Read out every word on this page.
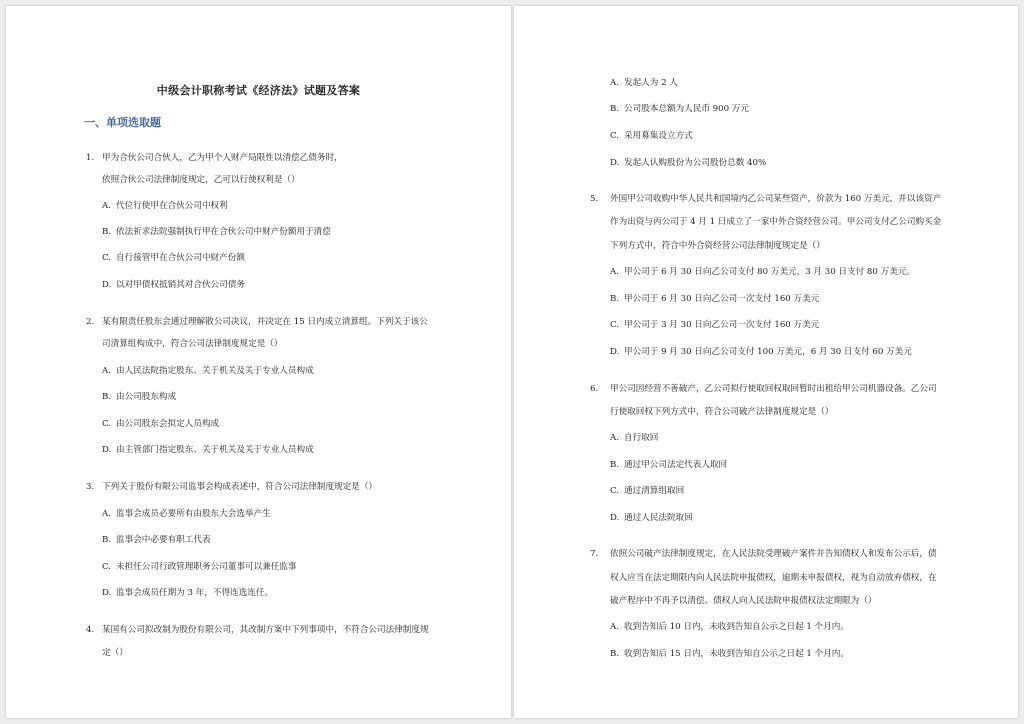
中级会计职称考试《经济法》试题及答案
一、单项选取题
1. 甲为合伙公司合伙人，乙为甲个人财产局限性以清偿乙债务时，
依照合伙公司法律制度规定，乙可以行使权利是（）
A. 代位行使甲在合伙公司中权利
B. 依法祈求法院强制执行甲在合伙公司中财产份额用于清偿
C. 自行接管甲在合伙公司中财产份额
D. 以对甲债权抵销其对合伙公司债务
2. 某有限责任股东会通过理解散公司决议，并决定在 15 日内成立清算组。下列关于该公
司清算组构成中，符合公司法律制度规定是（）
A. 由人民法院指定股东、关于机关及关于专业人员构成
B. 由公司股东构成
C. 由公司股东会拟定人员构成
D. 由主管部门指定股东、关于机关及关于专业人员构成
3. 下列关于股份有限公司监事会构成表述中，符合公司法律制度规定是（）
A. 监事会成员必要所有由股东大会选举产生
B. 监事会中必要有职工代表
C. 未担任公司行政管理职务公司董事可以兼任监事
D. 监事会成员任期为 3 年，不得连选连任。
4. 某国有公司拟改制为股份有限公司，其改制方案中下列事项中，不符合公司法律制度规
定（）
A. 发起人为 2 人
B. 公司股本总额为人民币 900 万元
C. 采用募集设立方式
D. 发起人认购股份为公司股份总数 40%
5. 外国甲公司收购中华人民共和国境内乙公司某些资产，价款为 160 万美元，并以该资产
作为出资与丙公司于 4 月 1 日成立了一家中外合资经营公司。甲公司支付乙公司购买金
下列方式中，符合中外合资经营公司法律制度规定是（）
A. 甲公司于 6 月 30 日向乙公司支付 80 万美元，3 月 30 日支付 80 万美元。
B. 甲公司于 6 月 30 日向乙公司一次支付 160 万美元
C. 甲公司于 3 月 30 日向乙公司一次支付 160 万美元
D. 甲公司于 9 月 30 日向乙公司支付 100 万美元，6 月 30 日支付 60 万美元
6. 甲公司因经营不善破产，乙公司拟行使取回权取回暂时出租给甲公司机器设备。乙公司
行使取回权下列方式中，符合公司破产法律制度规定是（）
A. 自行取回
B. 通过甲公司法定代表人取回
C. 通过清算组取回
D. 通过人民法院取回
7. 依照公司破产法律制度规定，在人民法院受理破产案件并告知债权人和发布公示后，债
权人应当在法定期限内向人民法院申报债权，逾期未申报债权，视为自动放弃债权，在
破产程序中不再予以清偿。债权人向人民法院申报债权法定期限为（）
A. 收到告知后 10 日内，未收到告知自公示之日起 1 个月内。
B. 收到告知后 15 日内，未收到告知自公示之日起 1 个月内。
